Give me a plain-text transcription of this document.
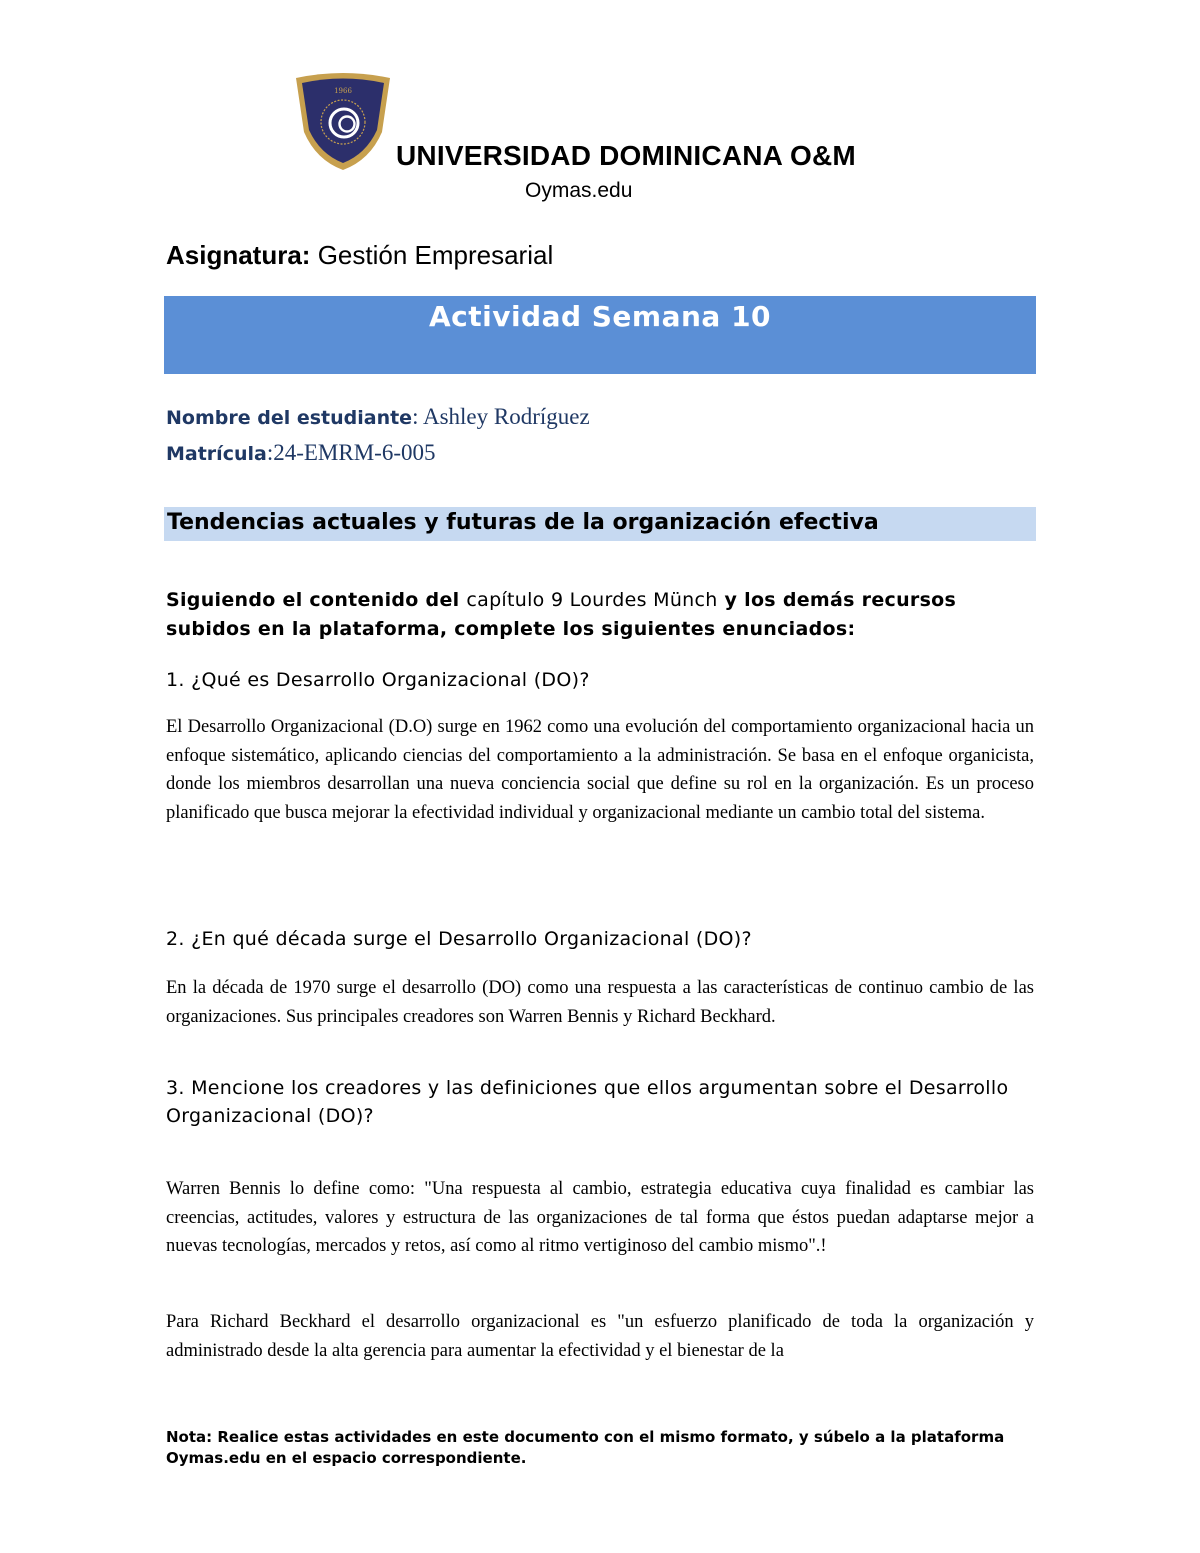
1966
UNIVERSIDAD DOMINICANA O&M
Oymas.edu
Asignatura: Gestión Empresarial
Actividad Semana 10
Nombre del estudiante: Ashley Rodríguez
Matrícula:24-EMRM-6-005
Tendencias actuales y futuras de la organización efectiva
Siguiendo el contenido del capítulo 9 Lourdes Münch y los demás recursos subidos en la plataforma, complete los siguientes enunciados:
1. ¿Qué es Desarrollo Organizacional (DO)?
El Desarrollo Organizacional (D.O) surge en 1962 como una evolución del comportamiento organizacional hacia un enfoque sistemático, aplicando ciencias del comportamiento a la administración. Se basa en el enfoque organicista, donde los miembros desarrollan una nueva conciencia social que define su rol en la organización. Es un proceso planificado que busca mejorar la efectividad individual y organizacional mediante un cambio total del sistema.
2. ¿En qué década surge el Desarrollo Organizacional (DO)?
En la década de 1970 surge el desarrollo (DO) como una respuesta a las características de continuo cambio de las organizaciones. Sus principales creadores son Warren Bennis y Richard Beckhard.
3. Mencione los creadores y las definiciones que ellos argumentan sobre el Desarrollo Organizacional (DO)?
Warren Bennis lo define como: "Una respuesta al cambio, estrategia educativa cuya finalidad es cambiar las creencias, actitudes, valores y estructura de las organizaciones de tal forma que éstos puedan adaptarse mejor a nuevas tecnologías, mercados y retos, así como al ritmo vertiginoso del cambio mismo".!
Para Richard Beckhard el desarrollo organizacional es "un esfuerzo planificado de toda la organización y administrado desde la alta gerencia para aumentar la efectividad y el bienestar de la
Nota: Realice estas actividades en este documento con el mismo formato, y súbelo a la plataforma Oymas.edu en el espacio correspondiente.
